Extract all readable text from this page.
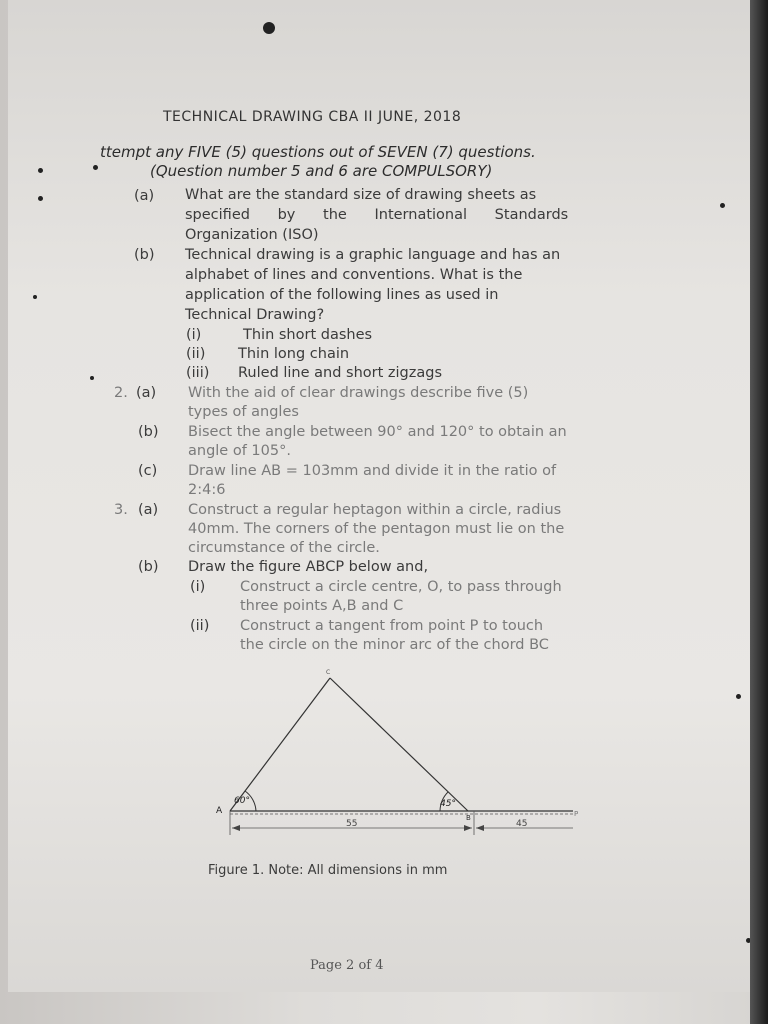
TECHNICAL DRAWING CBA II JUNE, 2018
ttempt any FIVE (5) questions out of SEVEN (7) questions.
(Question number 5 and 6 are COMPULSORY)
(a) What are the standard size of drawing sheets as
specified      by      the      International      Standards
Organization (ISO)
(b) Technical drawing is a graphic language and has an
alphabet of lines and conventions. What is the
application of the following lines as used in
Technical Drawing?
(i)	Thin short dashes
(ii) Thin long chain
(iii) Ruled line and short zigzags
2. (a) With the aid of clear drawings describe five (5)
types of angles
(b) Bisect the angle between 90° and 120° to obtain an
angle of 105°.
(c) Draw line AB = 103mm and divide it in the ratio of
2:4:6
3. (a) Construct a regular heptagon within a circle, radius
40mm. The corners of the pentagon must lie on the
circumstance of the circle.
(b) Draw the figure ABCP below and,
(i) Construct a circle centre, O, to pass through
three points A,B and C
(ii) Construct a tangent from point P to touch
the circle on the minor arc of the chord BC
C
A
B	P
60°	45°
55	45
Figure 1. Note: All dimensions in mm
Page 2 of 4
